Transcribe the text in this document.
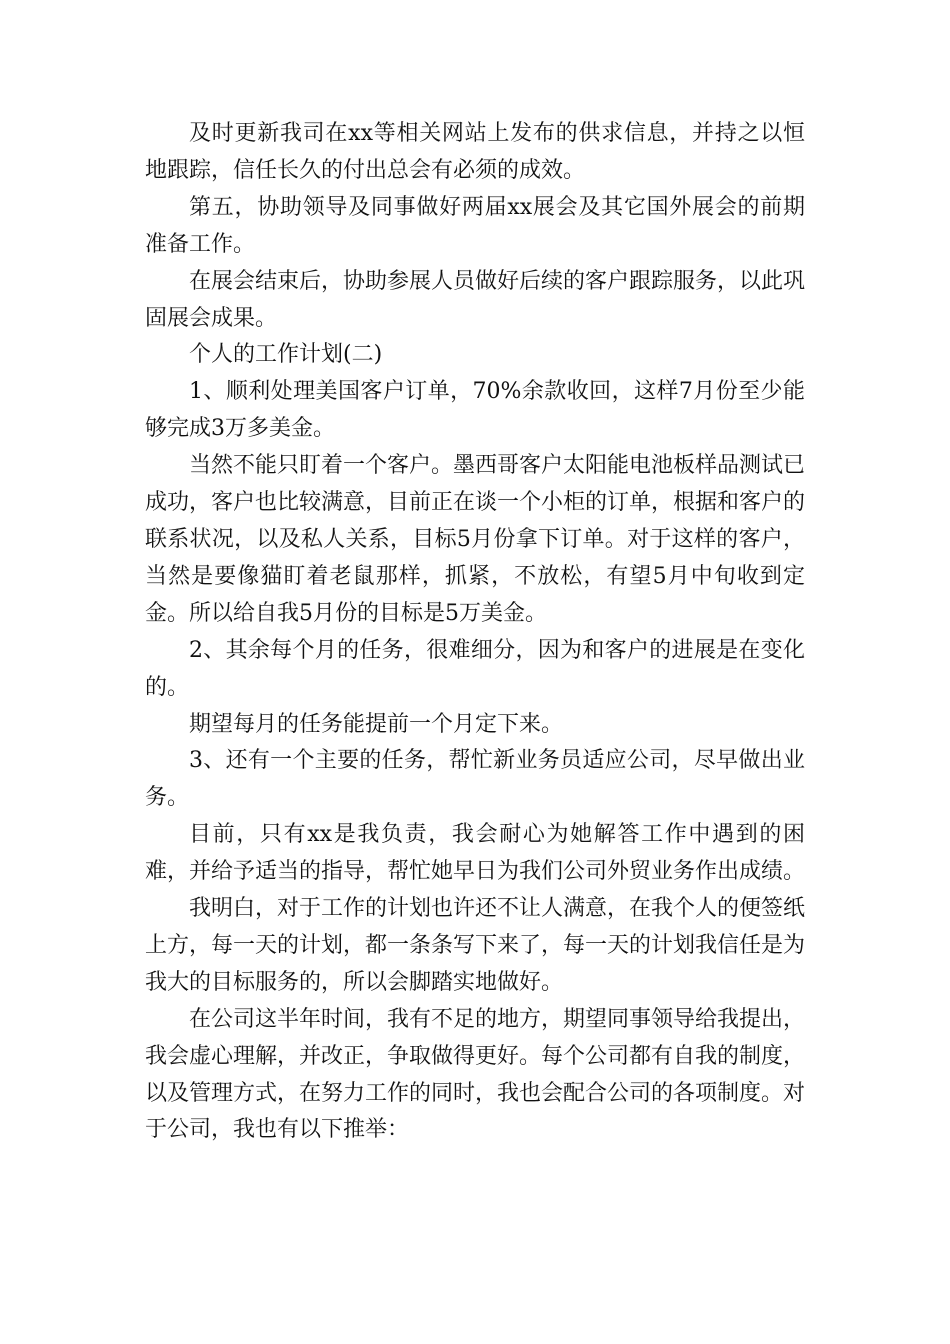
及时更新我司在xx等相关网站上发布的供求信息，并持之以恒地跟踪，信任长久的付出总会有必须的成效。

第五，协助领导及同事做好两届xx展会及其它国外展会的前期准备工作。

在展会结束后，协助参展人员做好后续的客户跟踪服务，以此巩固展会成果。

个人的工作计划(二)

1、顺利处理美国客户订单，70%余款收回，这样7月份至少能够完成3万多美金。

当然不能只盯着一个客户。墨西哥客户太阳能电池板样品测试已成功，客户也比较满意，目前正在谈一个小柜的订单，根据和客户的联系状况，以及私人关系，目标5月份拿下订单。对于这样的客户，当然是要像猫盯着老鼠那样，抓紧，不放松，有望5月中旬收到定金。所以给自我5月份的目标是5万美金。

2、其余每个月的任务，很难细分，因为和客户的进展是在变化的。

期望每月的任务能提前一个月定下来。

3、还有一个主要的任务，帮忙新业务员适应公司，尽早做出业务。

目前，只有xx是我负责，我会耐心为她解答工作中遇到的困难，并给予适当的指导，帮忙她早日为我们公司外贸业务作出成绩。

我明白，对于工作的计划也许还不让人满意，在我个人的便签纸上方，每一天的计划，都一条条写下来了，每一天的计划我信任是为我大的目标服务的，所以会脚踏实地做好。

在公司这半年时间，我有不足的地方，期望同事领导给我提出，我会虚心理解，并改正，争取做得更好。每个公司都有自我的制度，以及管理方式，在努力工作的同时，我也会配合公司的各项制度。对于公司，我也有以下推举：
